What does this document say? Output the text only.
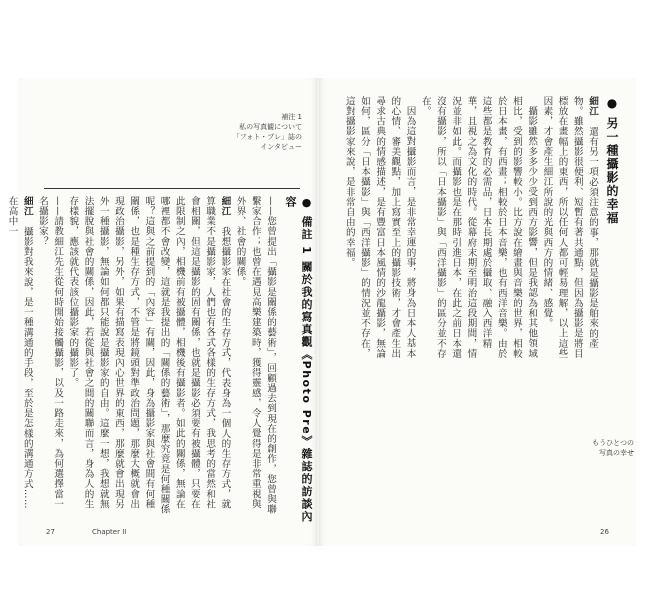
● 另一種攝影的幸福

細江　還有另一項必須注意的事，那就是攝影是舶來的產物。雖然攝影很便利、短暫有著共通點，但因為攝影是將目標放在畫幅上的東西，所以任何人都可輕易理解，以上這些因素，才會產生細江所說的光與西方的情緒、感覺。

攝影雖然多多少少受到西方影響，但是我認為和其他領域相比，受到的影響較小。比方說在繪畫與音樂的世界，相較於日本畫，有西畫；相較於日本音樂，也有西洋音樂。由於這些都是教育的必需品，日本長期處於攝取、融入西洋精華，且視之為文化的時代。從幕府末期至明治這段期間，情況並非如此。而攝影也是在那時引進日本，在此之前日本還沒有攝影，所以「日本攝影」與「西洋攝影」的區分並不存在。

因為這對攝影而言，是非常幸運的事，將身為日本人基本的心情、審美觀點，加上寫實至上的攝影技術，才會產生出尋求古典的情感描述，是有豐富日本風情的沙龍攝影，無論如何，區分「日本攝影」與「西洋攝影」的情況並不存在，這對攝影家來說，是非常自由的幸福。

もうひとつの
写真の幸せ
26
補注 1
私の写真観について
「フォト・プレ」誌の
インタビュー
● 備註 1 關於我的寫真觀《Photo Pre》雜誌的訪談內容

——您曾提出「攝影是關係的藝術」，回顧過去到現在的創作，您曾與聯繫家合作；也曾在遇見高樂建築時，獲得靈感，令人覺得是非常重視與外界、社會的關係。

細江　我想攝影家在社會的生存方式，代表身為一個人的生存方式，就算職業不是攝影家，人們也有各式各樣的生存方式，我思考的當然和社會相關，但這是攝影的固有關係，也就是攝影必須要有被攝體，只要在此限制之內，相機前有被攝體，相機後有攝影者。如此的關係，無論在哪裡都不會改變，這就是我提出的「關係的藝術」，那麼究竟是何種關係呢？這與之前提到的「內容」有關，因此，身為攝影家與社會間有何種關係，也是種生存方式，不管是將鏡頭對準政治問題，那麼大概就會出現政治攝影，另外，如果有描寫表現內心世界的東西，那麼就會出現另外一種攝影，無論如何都只能說是攝影家的自由。這麼一想，我想就無法擺脫與社會的關係，因此，若從與社會之間的關聯而言，身為人的生存樣貌，應該就代表該位攝影家的攝影了。

——請教細江先生從何時開始接觸攝影，以及一路走來，為何選擇當一名攝影家？

細江　攝影對我來說，是一種溝通的手段，至於是怎樣的溝通方式……在高中一

27	Chapter II
